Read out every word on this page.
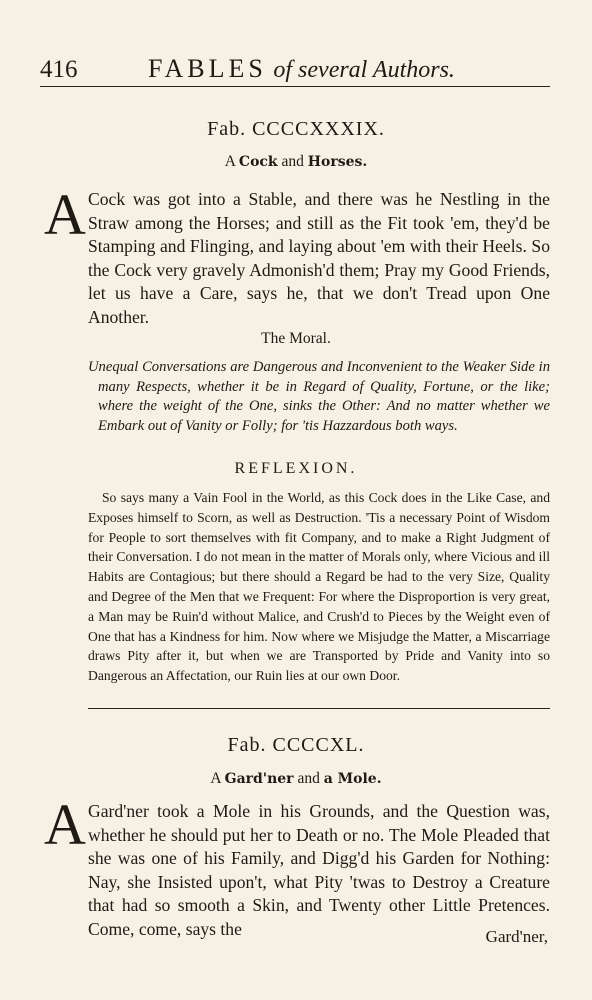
416	FABLES of several Authors.
Fab. CCCCXXXIX.
A Cock and Horses.
A Cock was got into a Stable, and there was he Nestling in the Straw among the Horses; and still as the Fit took 'em, they'd be Stamping and Flinging, and laying about 'em with their Heels. So the Cock very gravely Admonish'd them; Pray my Good Friends, let us have a Care, says he, that we don't Tread upon One Another.

The Moral.

Unequal Conversations are Dangerous and Inconvenient to the Weaker Side in many Respects, whether it be in Regard of Quality, Fortune, or the like; where the weight of the One, sinks the Other: And no matter whether we Embark out of Vanity or Folly; for 'tis Hazzardous both ways.

REFLEXION.

So says many a Vain Fool in the World, as this Cock does in the Like Case, and Exposes himself to Scorn, as well as Destruction. 'Tis a necessary Point of Wisdom for People to sort themselves with fit Company, and to make a Right Judgment of their Conversation. I do not mean in the matter of Morals only, where Vicious and ill Habits are Contagious; but there should a Regard be had to the very Size, Quality and Degree of the Men that we Frequent: For where the Disproportion is very great, a Man may be Ruin'd without Malice, and Crush'd to Pieces by the Weight even of One that has a Kindness for him. Now where we Misjudge the Matter, a Miscarriage draws Pity after it, but when we are Transported by Pride and Vanity into so Dangerous an Affectation, our Ruin lies at our own Door.

Fab. CCCCXL.
A Gard'ner and a Mole.
A Gard'ner took a Mole in his Grounds, and the Question was, whether he should put her to Death or no. The Mole Pleaded that she was one of his Family, and Digg'd his Garden for Nothing: Nay, she Insisted upon't, what Pity 'twas to Destroy a Creature that had so smooth a Skin, and Twenty other Little Pretences. Come, come, says the	Gard'ner,
